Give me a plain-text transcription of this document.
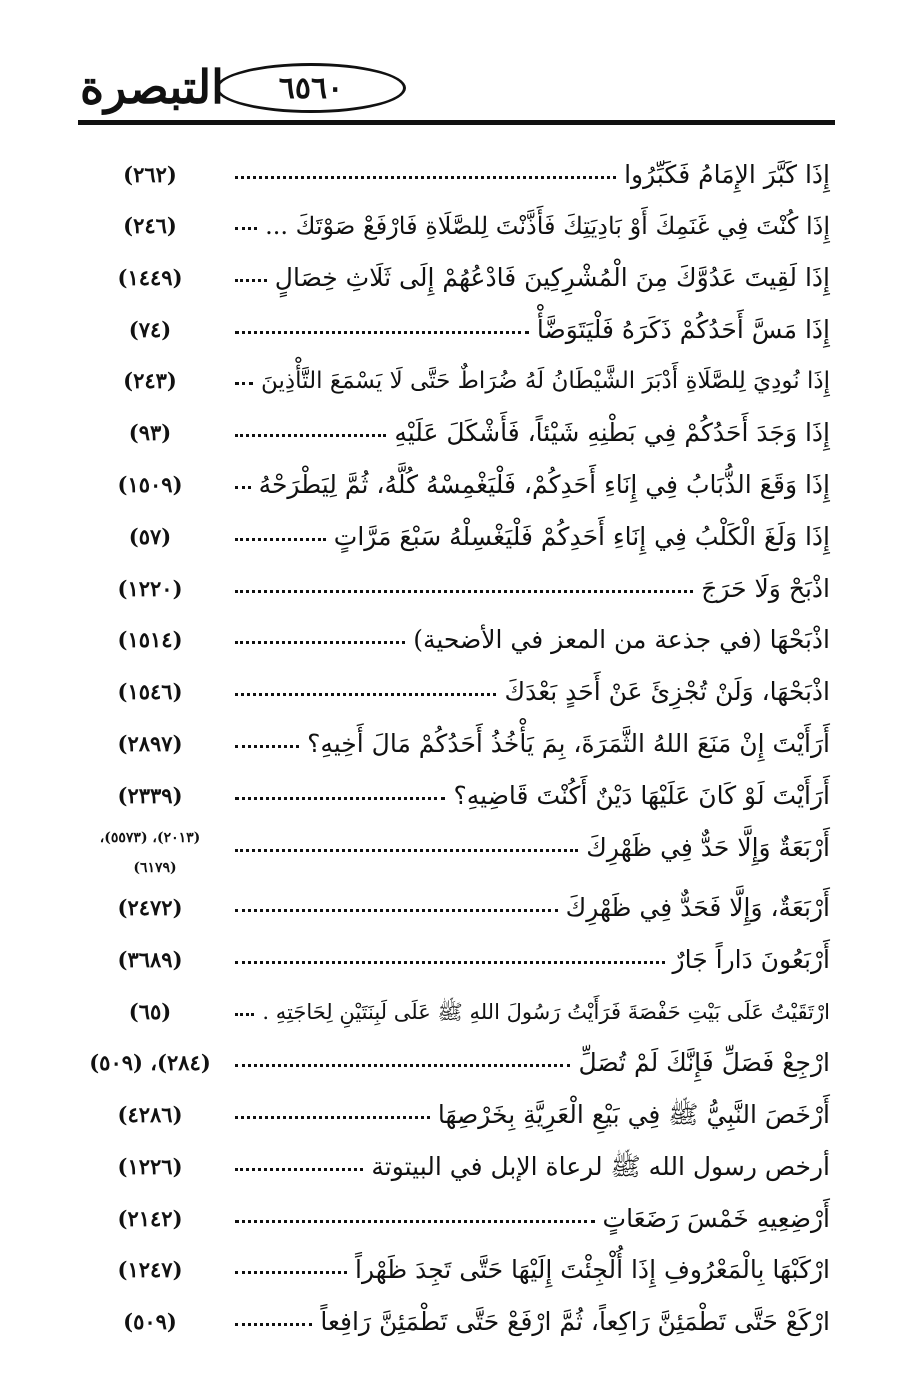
التبصرة ٦٥٦٠
إِذَا كَبَّرَ الإِمَامُ فَكَبِّرُوا
(٢٦٢)
إِذَا كُنْتَ فِي غَنَمِكَ أَوْ بَادِيَتِكَ فَأَذَّنْتَ لِلصَّلَاةِ فَارْفَعْ صَوْتَكَ ...
(٢٤٦)
إِذَا لَقِيتَ عَدُوَّكَ مِنَ الْمُشْرِكِينَ فَادْعُهُمْ إِلَى ثَلَاثِ خِصَالٍ
(١٤٤٩)
إِذَا مَسَّ أَحَدُكُمْ ذَكَرَهُ فَلْيَتَوَضَّأْ
(٧٤)
إِذَا نُودِيَ لِلصَّلَاةِ أَدْبَرَ الشَّيْطَانُ لَهُ ضُرَاطٌ حَتَّى لَا يَسْمَعَ التَّأْذِينَ
(٢٤٣)
إِذَا وَجَدَ أَحَدُكُمْ فِي بَطْنِهِ شَيْئاً، فَأَشْكَلَ عَلَيْهِ
(٩٣)
إِذَا وَقَعَ الذُّبَابُ فِي إِنَاءِ أَحَدِكُمْ، فَلْيَغْمِسْهُ كُلَّهُ، ثُمَّ لِيَطْرَحْهُ
(١٥٠٩)
إِذَا وَلَغَ الْكَلْبُ فِي إِنَاءِ أَحَدِكُمْ فَلْيَغْسِلْهُ سَبْعَ مَرَّاتٍ
(٥٧)
اذْبَحْ وَلَا حَرَجَ
(١٢٢٠)
اذْبَحْهَا (في جذعة من المعز في الأضحية)
(١٥١٤)
اذْبَحْهَا، وَلَنْ تُجْزِئَ عَنْ أَحَدٍ بَعْدَكَ
(١٥٤٦)
أَرَأَيْتَ إِنْ مَنَعَ اللهُ الثَّمَرَةَ، بِمَ يَأْخُذُ أَحَدُكُمْ مَالَ أَخِيهِ؟
(٢٨٩٧)
أَرَأَيْتَ لَوْ كَانَ عَلَيْهَا دَيْنٌ أَكُنْتَ قَاضِيهِ؟
(٢٣٣٩)
أَرْبَعَةٌ وَإِلَّا حَدٌّ فِي ظَهْرِكَ
(٢٠١٣)، (٥٥٧٣)،
(٦١٧٩)
أَرْبَعَةٌ، وَإِلَّا فَحَدٌّ فِي ظَهْرِكَ
(٢٤٧٢)
أَرْبَعُونَ دَاراً جَارٌ
(٣٦٨٩)
ارْتَقَيْتُ عَلَى بَيْتِ حَفْصَةَ فَرَأَيْتُ رَسُولَ اللهِ ﷺ عَلَى لَبِنَتَيْنِ لِحَاجَتِهِ .
(٦٥)
ارْجِعْ فَصَلِّ فَإِنَّكَ لَمْ تُصَلِّ
(٢٨٤)، (٥٠٩)
أَرْخَصَ النَّبِيُّ ﷺ فِي بَيْعِ الْعَرِيَّةِ بِخَرْصِهَا
(٤٢٨٦)
أرخص رسول الله ﷺ لرعاة الإبل في البيتوتة
(١٢٢٦)
أَرْضِعِيهِ خَمْسَ رَضَعَاتٍ
(٢١٤٢)
ارْكَبْهَا بِالْمَعْرُوفِ إِذَا أُلْجِئْتَ إِلَيْهَا حَتَّى تَجِدَ ظَهْراً
(١٢٤٧)
ارْكَعْ حَتَّى تَطْمَئِنَّ رَاكِعاً، ثُمَّ ارْفَعْ حَتَّى تَطْمَئِنَّ رَافِعاً
(٥٠٩)
